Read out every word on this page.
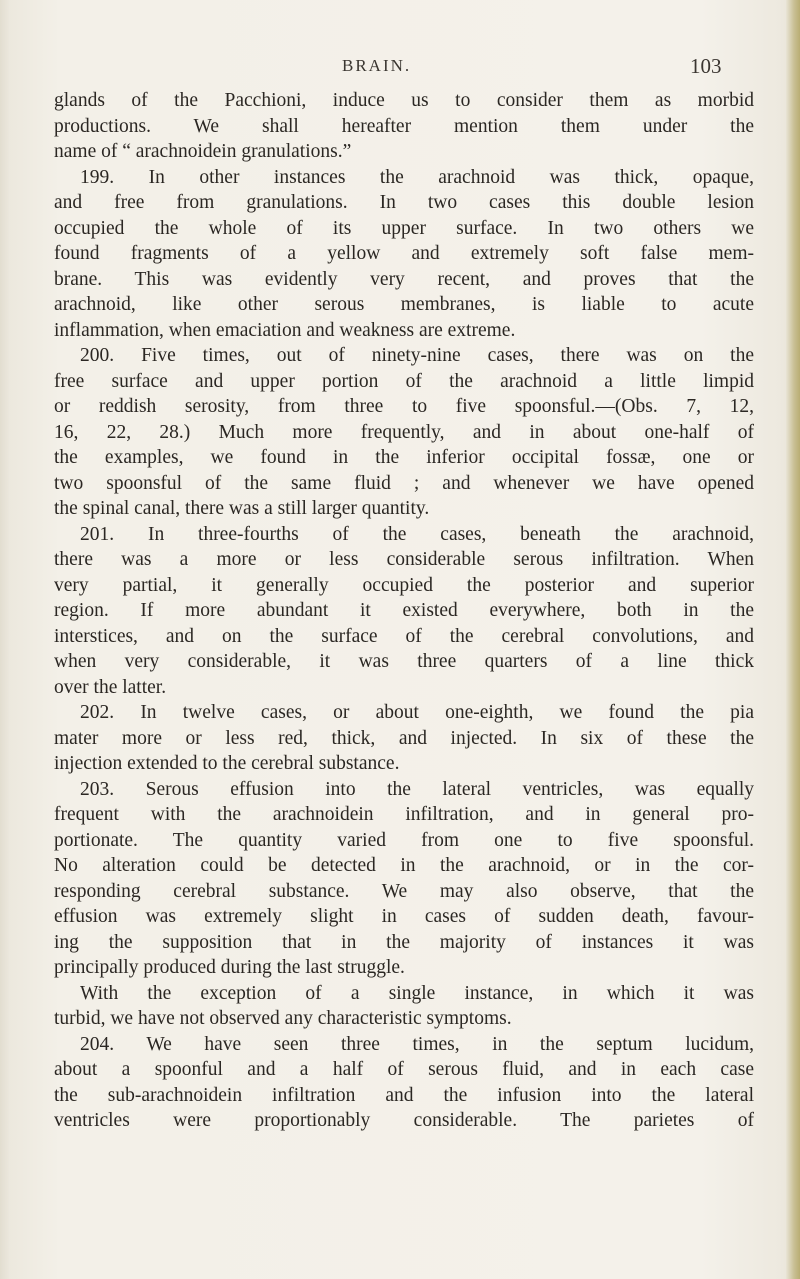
BRAIN.	103
glands of the Pacchioni, induce us to consider them as morbid
productions. We shall hereafter mention them under the
name of “ arachnoidein granulations.”
199. In other instances the arachnoid was thick, opaque,
and free from granulations. In two cases this double lesion
occupied the whole of its upper surface. In two others we
found fragments of a yellow and extremely soft false mem-
brane. This was evidently very recent, and proves that the
arachnoid, like other serous membranes, is liable to acute
inflammation, when emaciation and weakness are extreme.
200. Five times, out of ninety-nine cases, there was on the
free surface and upper portion of the arachnoid a little limpid
or reddish serosity, from three to five spoonsful.—(Obs. 7, 12,
16, 22, 28.) Much more frequently, and in about one-half of
the examples, we found in the inferior occipital fossæ, one or
two spoonsful of the same fluid ; and whenever we have opened
the spinal canal, there was a still larger quantity.
201. In three-fourths of the cases, beneath the arachnoid,
there was a more or less considerable serous infiltration. When
very partial, it generally occupied the posterior and superior
region. If more abundant it existed everywhere, both in the
interstices, and on the surface of the cerebral convolutions, and
when very considerable, it was three quarters of a line thick
over the latter.
202. In twelve cases, or about one-eighth, we found the pia
mater more or less red, thick, and injected. In six of these the
injection extended to the cerebral substance.
203. Serous effusion into the lateral ventricles, was equally
frequent with the arachnoidein infiltration, and in general pro-
portionate. The quantity varied from one to five spoonsful.
No alteration could be detected in the arachnoid, or in the cor-
responding cerebral substance. We may also observe, that the
effusion was extremely slight in cases of sudden death, favour-
ing the supposition that in the majority of instances it was
principally produced during the last struggle.
With the exception of a single instance, in which it was
turbid, we have not observed any characteristic symptoms.
204. We have seen three times, in the septum lucidum,
about a spoonful and a half of serous fluid, and in each case
the sub-arachnoidein infiltration and the infusion into the lateral
ventricles were proportionably considerable. The parietes of
